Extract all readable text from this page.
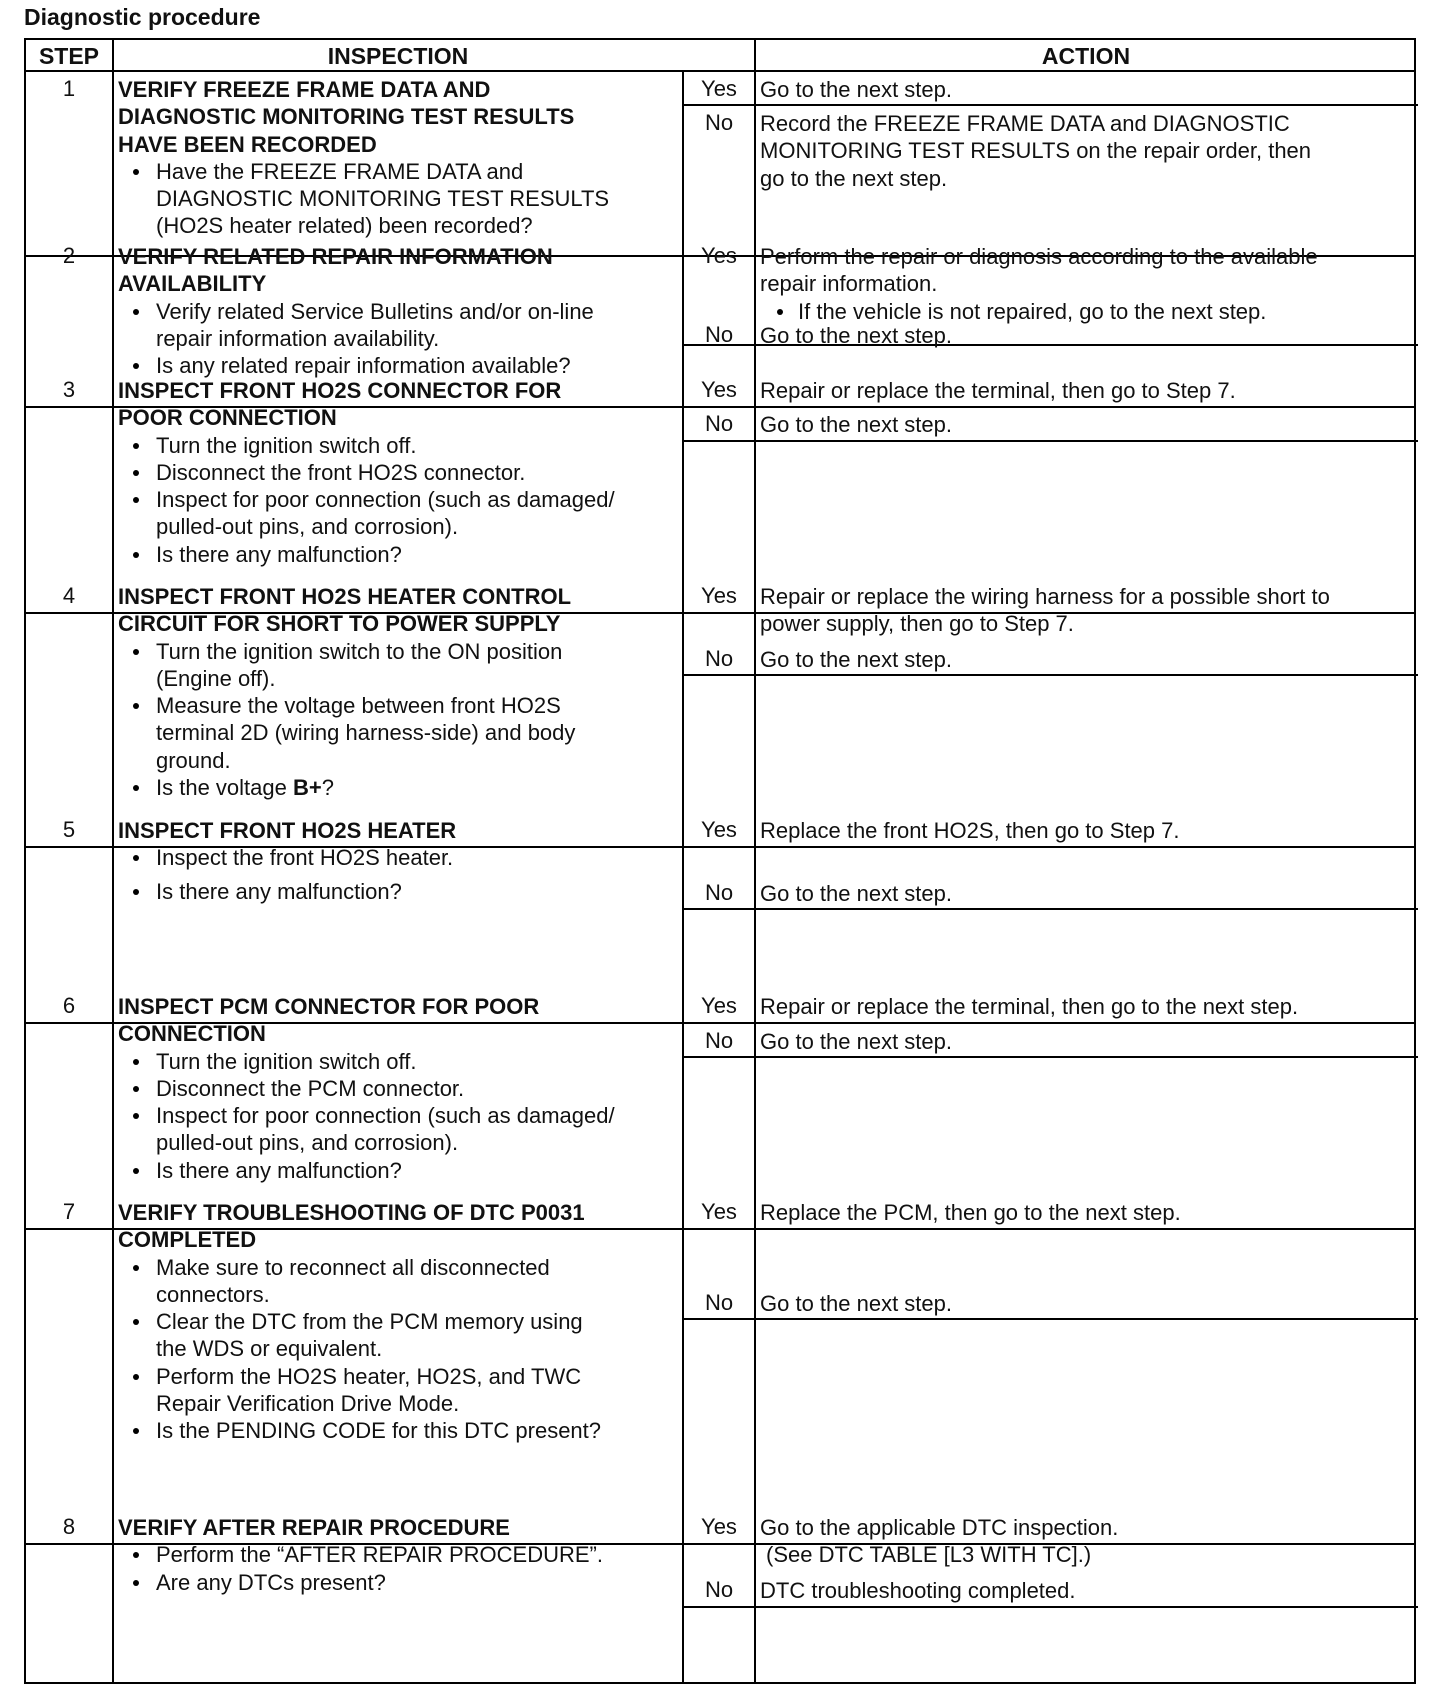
Diagnostic procedure
STEP	INSPECTION	ACTION
1	VERIFY FREEZE FRAME DATA AND
DIAGNOSTIC MONITORING TEST RESULTS
HAVE BEEN RECORDED
Have the FREEZE FRAME DATA and
DIAGNOSTIC MONITORING TEST RESULTS
(HO2S heater related) been recorded?
Yes	Go to the next step.
No	Record the FREEZE FRAME DATA and DIAGNOSTIC
MONITORING TEST RESULTS on the repair order, then
go to the next step.
2	VERIFY RELATED REPAIR INFORMATION
AVAILABILITY
Verify related Service Bulletins and/or on-line
repair information availability.
Is any related repair information available?
Yes	Perform the repair or diagnosis according to the available
repair information.
If the vehicle is not repaired, go to the next step.
No	Go to the next step.
3	INSPECT FRONT HO2S CONNECTOR FOR
POOR CONNECTION
Turn the ignition switch off.
Disconnect the front HO2S connector.
Inspect for poor connection (such as damaged/
pulled-out pins, and corrosion).
Is there any malfunction?
Yes	Repair or replace the terminal, then go to Step 7.
No	Go to the next step.
4	INSPECT FRONT HO2S HEATER CONTROL
CIRCUIT FOR SHORT TO POWER SUPPLY
Turn the ignition switch to the ON position
(Engine off).
Measure the voltage between front HO2S
terminal 2D (wiring harness-side) and body
ground.
Is the voltage B+?
Yes	Repair or replace the wiring harness for a possible short to
power supply, then go to Step 7.
No	Go to the next step.
5	INSPECT FRONT HO2S HEATER
Inspect the front HO2S heater.
Is there any malfunction?
Yes	Replace the front HO2S, then go to Step 7.
No	Go to the next step.
6	INSPECT PCM CONNECTOR FOR POOR
CONNECTION
Turn the ignition switch off.
Disconnect the PCM connector.
Inspect for poor connection (such as damaged/
pulled-out pins, and corrosion).
Is there any malfunction?
Yes	Repair or replace the terminal, then go to the next step.
No	Go to the next step.
7	VERIFY TROUBLESHOOTING OF DTC P0031
COMPLETED
Make sure to reconnect all disconnected
connectors.
Clear the DTC from the PCM memory using
the WDS or equivalent.
Perform the HO2S heater, HO2S, and TWC
Repair Verification Drive Mode.
Is the PENDING CODE for this DTC present?
Yes	Replace the PCM, then go to the next step.
No	Go to the next step.
8	VERIFY AFTER REPAIR PROCEDURE
Perform the “AFTER REPAIR PROCEDURE”.
Are any DTCs present?
Yes	Go to the applicable DTC inspection.
(See DTC TABLE [L3 WITH TC].)
No	DTC troubleshooting completed.
